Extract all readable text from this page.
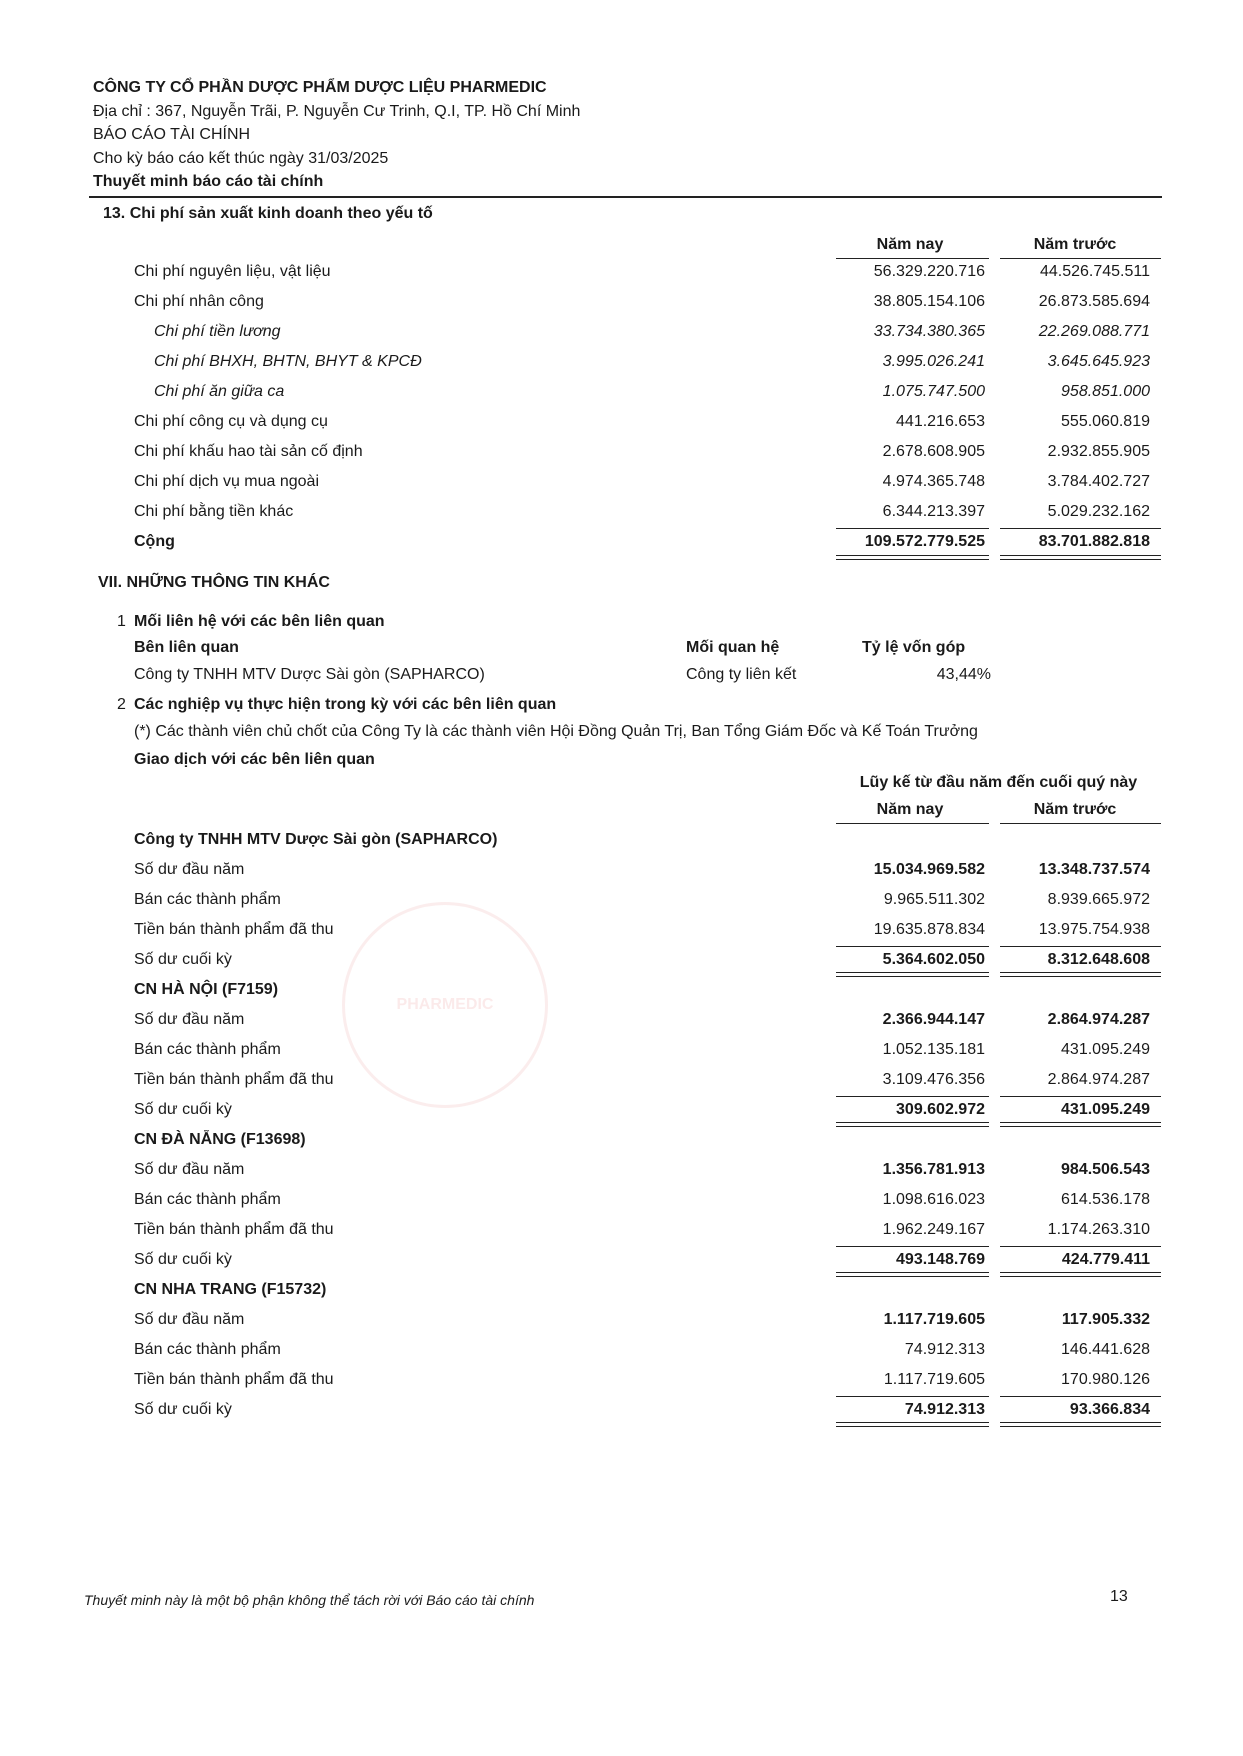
CÔNG TY CỔ PHẦN DƯỢC PHẨM DƯỢC LIỆU PHARMEDIC
Địa chỉ : 367, Nguyễn Trãi, P. Nguyễn Cư Trinh, Q.I, TP. Hồ Chí Minh
BÁO CÁO TÀI CHÍNH
Cho kỳ báo cáo kết thúc ngày 31/03/2025
Thuyết minh báo cáo tài chính
13. Chi phí sản xuất kinh doanh theo yếu tố
Năm nay	Năm trước
Chi phí nguyên liệu, vật liệu	56.329.220.716	44.526.745.511
Chi phí nhân công	38.805.154.106	26.873.585.694
Chi phí tiền lương	33.734.380.365	22.269.088.771
Chi phí BHXH, BHTN, BHYT & KPCĐ	3.995.026.241	3.645.645.923
Chi phí ăn giữa ca	1.075.747.500	958.851.000
Chi phí công cụ và dụng cụ	441.216.653	555.060.819
Chi phí khấu hao tài sản cố định	2.678.608.905	2.932.855.905
Chi phí dịch vụ mua ngoài	4.974.365.748	3.784.402.727
Chi phí bằng tiền khác	6.344.213.397	5.029.232.162
Cộng	109.572.779.525	83.701.882.818
VII. NHỮNG THÔNG TIN KHÁC
1 Mối liên hệ với các bên liên quan
Bên liên quan	Mối quan hệ	Tỷ lệ vốn góp
Công ty TNHH MTV Dược Sài gòn (SAPHARCO)	Công ty liên kết	43,44%
2 Các nghiệp vụ thực hiện trong kỳ với các bên liên quan
(*) Các thành viên chủ chốt của Công Ty là các thành viên Hội Đồng Quản Trị, Ban Tổng Giám Đốc và Kế Toán Trưởng
Giao dịch với các bên liên quan
Lũy kế từ đầu năm đến cuối quý này
Năm nay	Năm trước
PHARMEDIC
Công ty TNHH MTV Dược Sài gòn (SAPHARCO)
Số dư đầu năm	15.034.969.582	13.348.737.574
Bán các thành phẩm	9.965.511.302	8.939.665.972
Tiền bán thành phẩm đã thu	19.635.878.834	13.975.754.938
Số dư cuối kỳ	5.364.602.050	8.312.648.608
CN HÀ NỘI (F7159)
Số dư đầu năm	2.366.944.147	2.864.974.287
Bán các thành phẩm	1.052.135.181	431.095.249
Tiền bán thành phẩm đã thu	3.109.476.356	2.864.974.287
Số dư cuối kỳ	309.602.972	431.095.249
CN ĐÀ NẴNG (F13698)
Số dư đầu năm	1.356.781.913	984.506.543
Bán các thành phẩm	1.098.616.023	614.536.178
Tiền bán thành phẩm đã thu	1.962.249.167	1.174.263.310
Số dư cuối kỳ	493.148.769	424.779.411
CN NHA TRANG (F15732)
Số dư đầu năm	1.117.719.605	117.905.332
Bán các thành phẩm	74.912.313	146.441.628
Tiền bán thành phẩm đã thu	1.117.719.605	170.980.126
Số dư cuối kỳ	74.912.313	93.366.834
Thuyết minh này là một bộ phận không thể tách rời với Báo cáo tài chính	13
